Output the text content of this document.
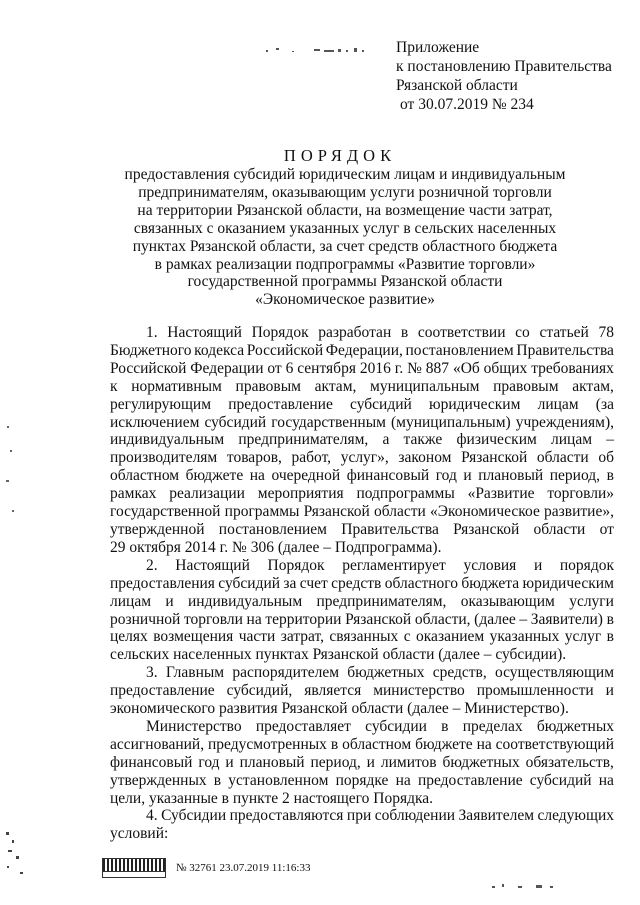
Приложение
к постановлению Правительства
Рязанской области
от 30.07.2019 № 234
ПОРЯДОК
предоставления субсидий юридическим лицам и индивидуальным
предпринимателям, оказывающим услуги розничной торговли
на территории Рязанской области, на возмещение части затрат,
связанных с оказанием указанных услуг в сельских населенных
пунктах Рязанской области, за счет средств областного бюджета
в рамках реализации подпрограммы «Развитие торговли»
государственной программы Рязанской области
«Экономическое развитие»
1. Настоящий Порядок разработан в соответствии со статьей 78
Бюджетного кодекса Российской Федерации, постановлением Правительства
Российской Федерации от 6 сентября 2016 г. № 887 «Об общих требованиях
к нормативным правовым актам, муниципальным правовым актам,
регулирующим предоставление субсидий юридическим лицам (за
исключением субсидий государственным (муниципальным) учреждениям),
индивидуальным предпринимателям, а также физическим лицам –
производителям товаров, работ, услуг», законом Рязанской области об
областном бюджете на очередной финансовый год и плановый период, в
рамках реализации мероприятия подпрограммы «Развитие торговли»
государственной программы Рязанской области «Экономическое развитие»,
утвержденной постановлением Правительства Рязанской области от
29 октября 2014 г. № 306 (далее – Подпрограмма).
2. Настоящий Порядок регламентирует условия и порядок
предоставления субсидий за счет средств областного бюджета юридическим
лицам и индивидуальным предпринимателям, оказывающим услуги
розничной торговли на территории Рязанской области, (далее – Заявители) в
целях возмещения части затрат, связанных с оказанием указанных услуг в
сельских населенных пунктах Рязанской области (далее – субсидии).
3. Главным распорядителем бюджетных средств, осуществляющим
предоставление субсидий, является министерство промышленности и
экономического развития Рязанской области (далее – Министерство).
Министерство предоставляет субсидии в пределах бюджетных
ассигнований, предусмотренных в областном бюджете на соответствующий
финансовый год и плановый период, и лимитов бюджетных обязательств,
утвержденных в установленном порядке на предоставление субсидий на
цели, указанные в пункте 2 настоящего Порядка.
4. Субсидии предоставляются при соблюдении Заявителем следующих
условий:
№ 32761 23.07.2019 11:16:33
